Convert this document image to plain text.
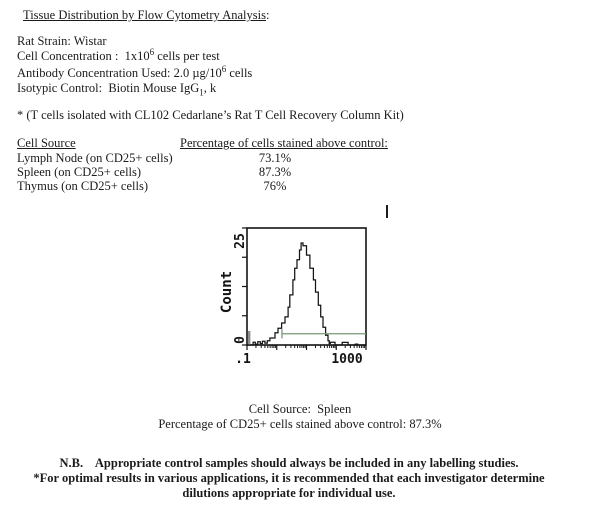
Tissue Distribution by Flow Cytometry Analysis:
Rat Strain: Wistar
Cell Concentration :  $1x10^6$ cells per test
Antibody Concentration Used: 2.0 $\mu g/10^6$ cells
Isotypic Control:  Biotin Mouse IgG$_1$, k
* (T cells isolated with CL102 Cedarlane’s Rat T Cell Recovery Column Kit)
Cell Source	Percentage of cells stained above control:
Lymph Node (on CD25+ cells)	73.1%
Spleen (on CD25+ cells)	87.3%
Thymus (on CD25+ cells)	76%
Count
25
0
.1	1000
Cell Source:  Spleen
Percentage of CD25+ cells stained above control: 87.3%
N.B.    Appropriate control samples should always be included in any labelling studies.
*For optimal results in various applications, it is recommended that each investigator determine
dilutions appropriate for individual use.
